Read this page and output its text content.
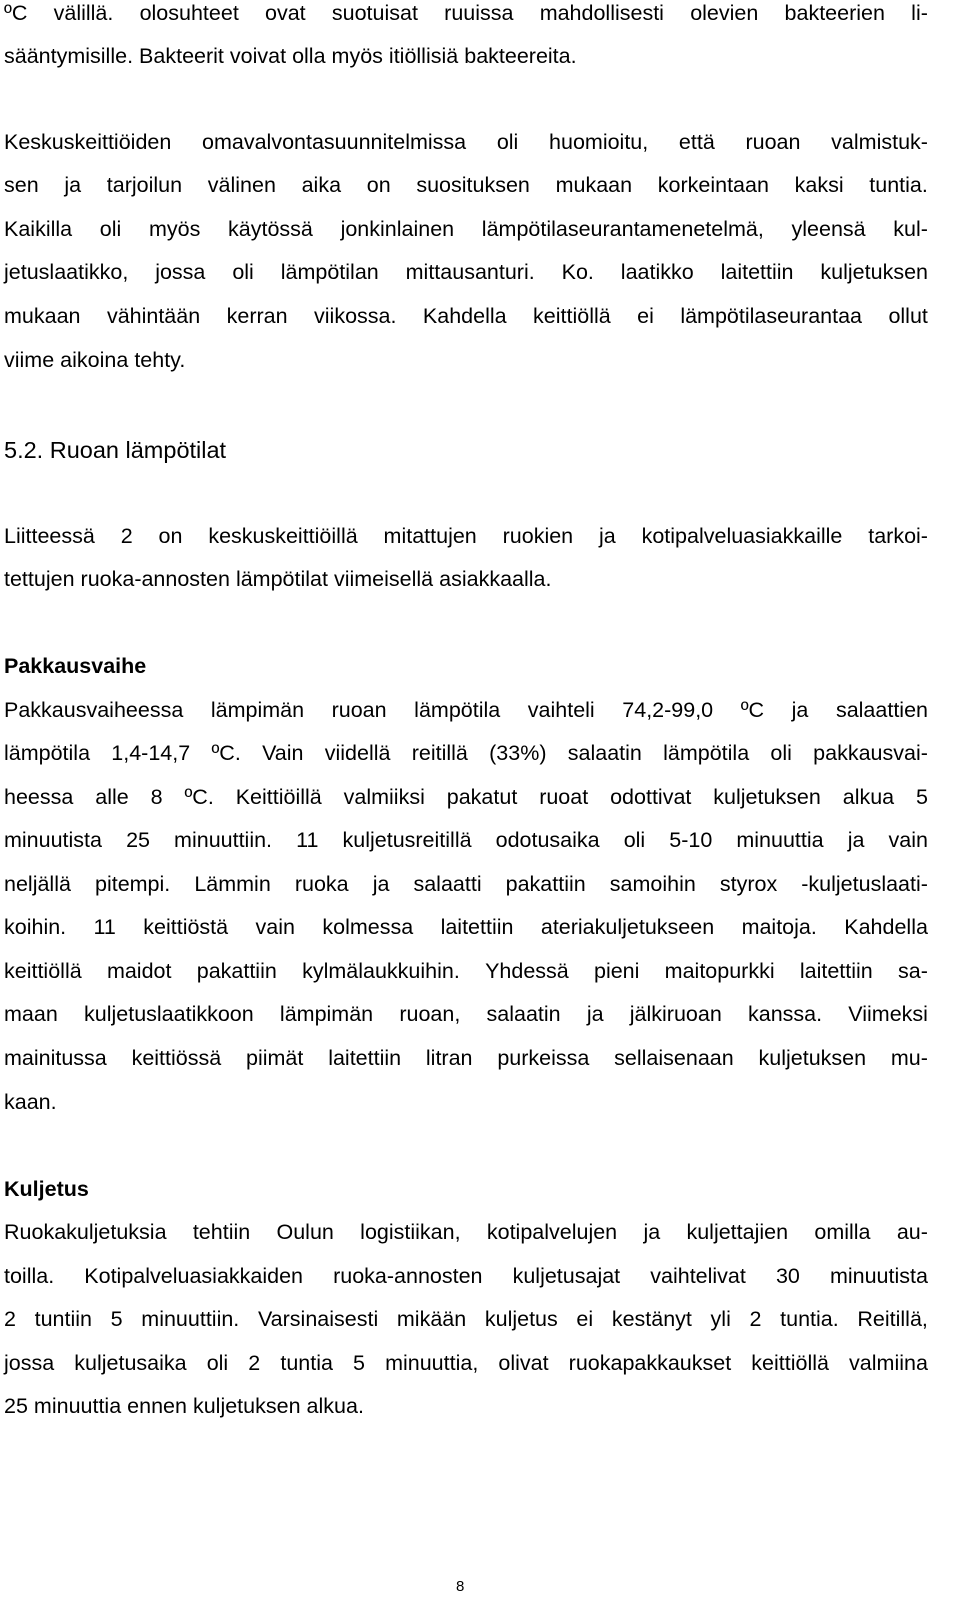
ºC välillä. olosuhteet ovat suotuisat ruuissa mahdollisesti olevien bakteerien li-
sääntymisille. Bakteerit voivat olla myös itiöllisiä bakteereita.
Keskuskeittiöiden omavalvontasuunnitelmissa oli huomioitu, että ruoan valmistuk-
sen ja tarjoilun välinen aika on suosituksen mukaan korkeintaan kaksi tuntia.
Kaikilla oli myös käytössä jonkinlainen lämpötilaseurantamenetelmä, yleensä kul-
jetuslaatikko, jossa oli lämpötilan mittausanturi. Ko. laatikko laitettiin kuljetuksen
mukaan vähintään kerran viikossa. Kahdella keittiöllä ei lämpötilaseurantaa ollut
viime aikoina tehty.
5.2. Ruoan lämpötilat
Liitteessä 2 on keskuskeittiöillä mitattujen ruokien ja kotipalveluasiakkaille tarkoi-
tettujen ruoka-annosten lämpötilat viimeisellä asiakkaalla.
Pakkausvaihe
Pakkausvaiheessa lämpimän ruoan lämpötila vaihteli 74,2-99,0 ºC ja salaattien
lämpötila 1,4-14,7 ºC. Vain viidellä reitillä (33%) salaatin lämpötila oli pakkausvai-
heessa alle 8 ºC. Keittiöillä valmiiksi pakatut ruoat odottivat kuljetuksen alkua 5
minuutista 25 minuuttiin. 11 kuljetusreitillä odotusaika oli 5-10 minuuttia ja vain
neljällä pitempi. Lämmin ruoka ja salaatti pakattiin samoihin styrox -kuljetuslaati-
koihin. 11 keittiöstä vain kolmessa laitettiin ateriakuljetukseen maitoja. Kahdella
keittiöllä maidot pakattiin kylmälaukkuihin. Yhdessä pieni maitopurkki laitettiin sa-
maan kuljetuslaatikkoon lämpimän ruoan, salaatin ja jälkiruoan kanssa. Viimeksi
mainitussa keittiössä piimät laitettiin litran purkeissa sellaisenaan kuljetuksen mu-
kaan.
Kuljetus
Ruokakuljetuksia tehtiin Oulun logistiikan, kotipalvelujen ja kuljettajien omilla au-
toilla. Kotipalveluasiakkaiden ruoka-annosten kuljetusajat vaihtelivat 30 minuutista
2 tuntiin 5 minuuttiin. Varsinaisesti mikään kuljetus ei kestänyt yli 2 tuntia. Reitillä,
jossa kuljetusaika oli 2 tuntia 5 minuuttia, olivat ruokapakkaukset keittiöllä valmiina
25 minuuttia ennen kuljetuksen alkua.
8
